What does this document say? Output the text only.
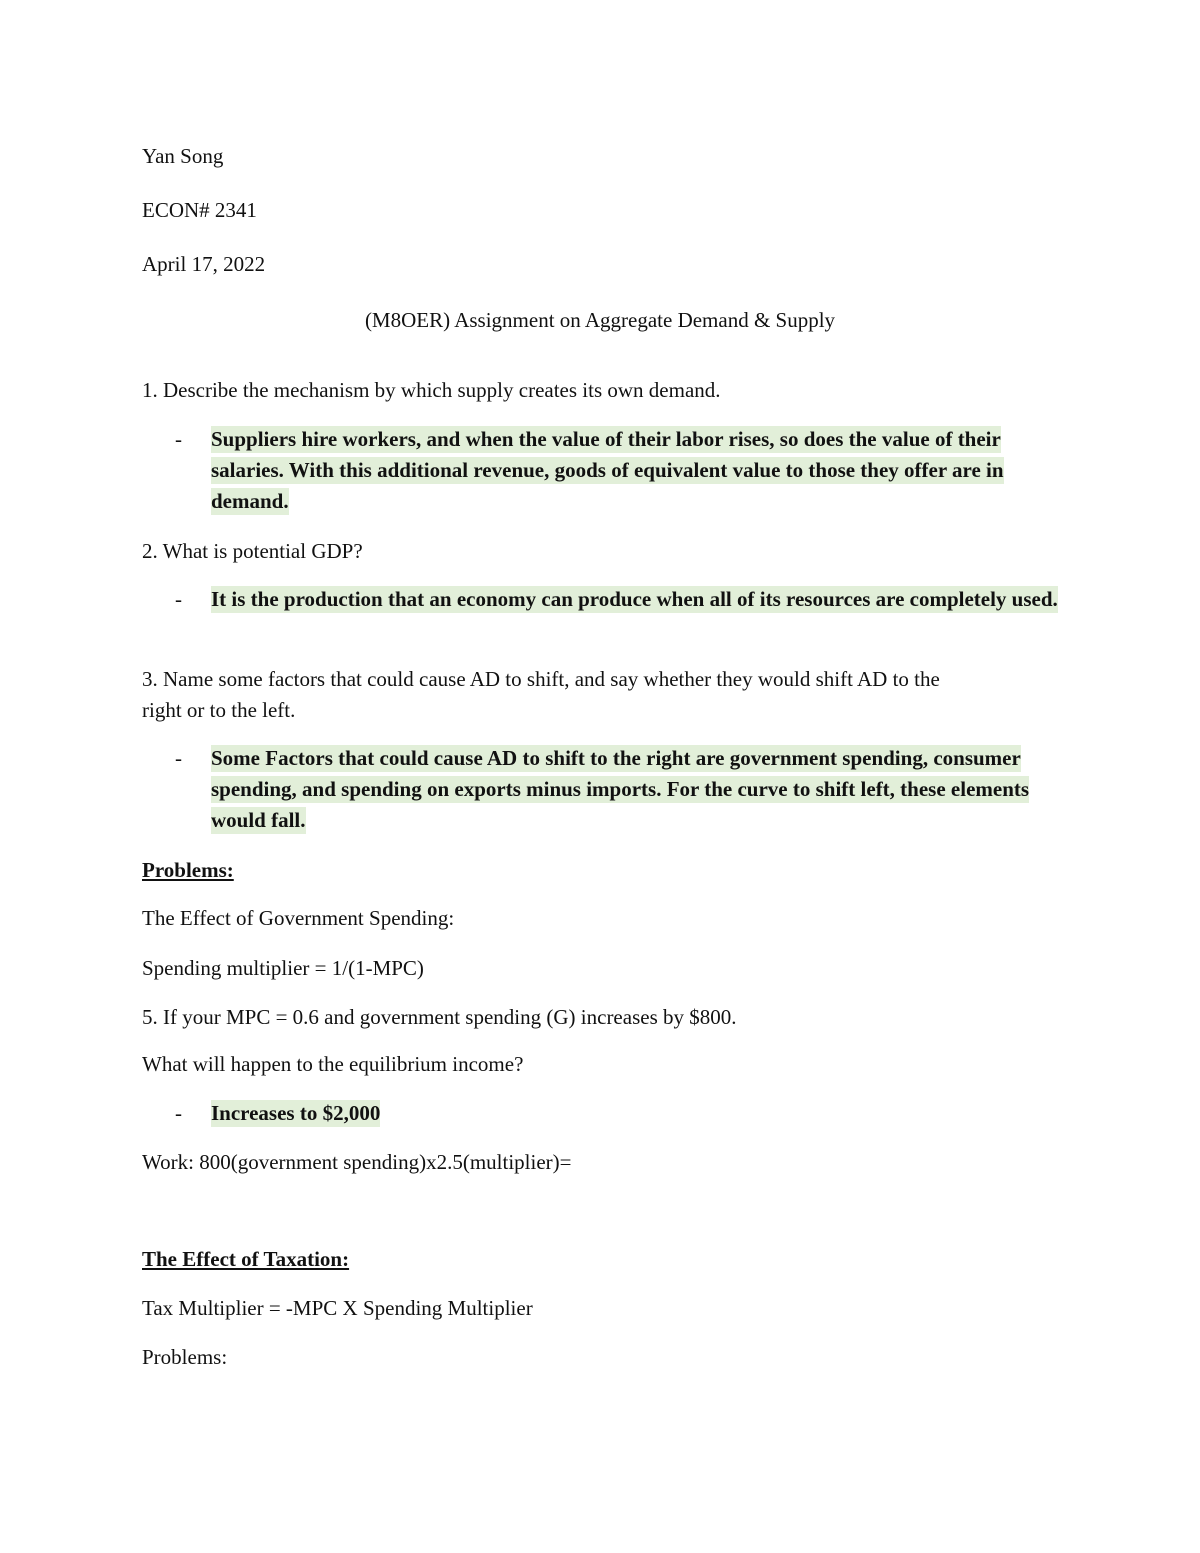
Yan Song
ECON# 2341
April 17, 2022
(M8OER) Assignment on Aggregate Demand & Supply
1. Describe the mechanism by which supply creates its own demand.
- Suppliers hire workers, and when the value of their labor rises, so does the value of their salaries. With this additional revenue, goods of equivalent value to those they offer are in demand.
2. What is potential GDP?
- It is the production that an economy can produce when all of its resources are completely used.
3. Name some factors that could cause AD to shift, and say whether they would shift AD to the
right or to the left.
- Some Factors that could cause AD to shift to the right are government spending, consumer spending, and spending on exports minus imports. For the curve to shift left, these elements would fall.
Problems:
The Effect of Government Spending:
Spending multiplier = 1/(1-MPC)
5. If your MPC = 0.6 and government spending (G) increases by $800.
What will happen to the equilibrium income?
- Increases to $2,000
Work: 800(government spending)x2.5(multiplier)=
The Effect of Taxation:
Tax Multiplier = -MPC X Spending Multiplier
Problems:
